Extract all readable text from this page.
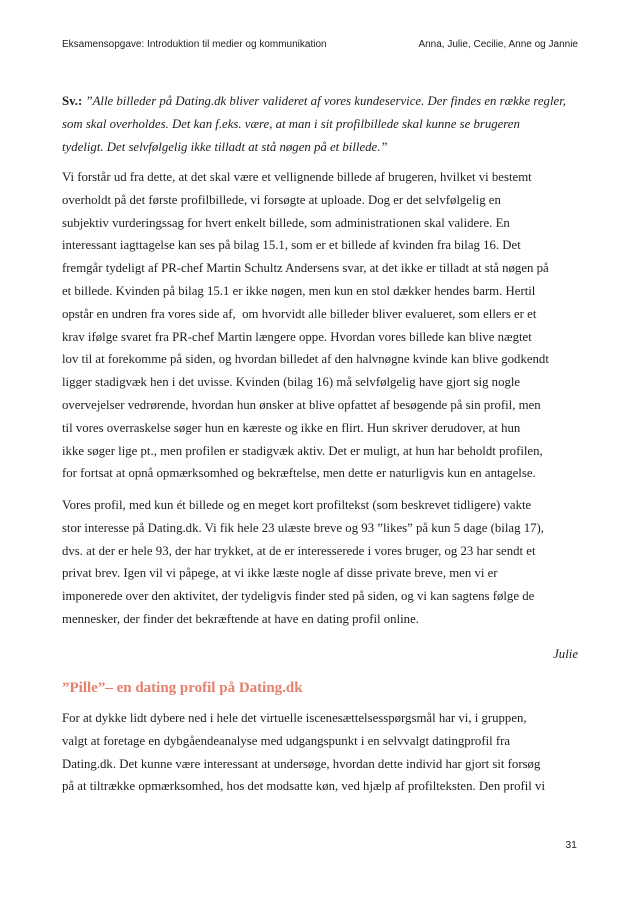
Eksamensopgave: Introduktion til medier og kommunikation	Anna, Julie, Cecilie, Anne og Jannie
Sv.: ”Alle billeder på Dating.dk bliver valideret af vores kundeservice. Der findes en række regler,
som skal overholdes. Det kan f.eks. være, at man i sit profilbillede skal kunne se brugeren
tydeligt. Det selvfølgelig ikke tilladt at stå nøgen på et billede.”
Vi forstår ud fra dette, at det skal være et vellignende billede af brugeren, hvilket vi bestemt
overholdt på det første profilbillede, vi forsøgte at uploade. Dog er det selvfølgelig en
subjektiv vurderingssag for hvert enkelt billede, som administrationen skal validere. En
interessant iagttagelse kan ses på bilag 15.1, som er et billede af kvinden fra bilag 16. Det
fremgår tydeligt af PR-chef Martin Schultz Andersens svar, at det ikke er tilladt at stå nøgen på
et billede. Kvinden på bilag 15.1 er ikke nøgen, men kun en stol dækker hendes barm. Hertil
opstår en undren fra vores side af,  om hvorvidt alle billeder bliver evalueret, som ellers er et
krav ifølge svaret fra PR-chef Martin længere oppe. Hvordan vores billede kan blive nægtet
lov til at forekomme på siden, og hvordan billedet af den halvnøgne kvinde kan blive godkendt
ligger stadigvæk hen i det uvisse. Kvinden (bilag 16) må selvfølgelig have gjort sig nogle
overvejelser vedrørende, hvordan hun ønsker at blive opfattet af besøgende på sin profil, men
til vores overraskelse søger hun en kæreste og ikke en flirt. Hun skriver derudover, at hun
ikke søger lige pt., men profilen er stadigvæk aktiv. Det er muligt, at hun har beholdt profilen,
for fortsat at opnå opmærksomhed og bekræftelse, men dette er naturligvis kun en antagelse.
Vores profil, med kun ét billede og en meget kort profiltekst (som beskrevet tidligere) vakte
stor interesse på Dating.dk. Vi fik hele 23 ulæste breve og 93 ”likes” på kun 5 dage (bilag 17),
dvs. at der er hele 93, der har trykket, at de er interesserede i vores bruger, og 23 har sendt et
privat brev. Igen vil vi påpege, at vi ikke læste nogle af disse private breve, men vi er
imponerede over den aktivitet, der tydeligvis finder sted på siden, og vi kan sagtens følge de
mennesker, der finder det bekræftende at have en dating profil online.
Julie
”Pille”– en dating profil på Dating.dk
For at dykke lidt dybere ned i hele det virtuelle iscenesættelsesspørgsmål har vi, i gruppen,
valgt at foretage en dybgåendeanalyse med udgangspunkt i en selvvalgt datingprofil fra
Dating.dk. Det kunne være interessant at undersøge, hvordan dette individ har gjort sit forsøg
på at tiltrække opmærksomhed, hos det modsatte køn, ved hjælp af profilteksten. Den profil vi
31
